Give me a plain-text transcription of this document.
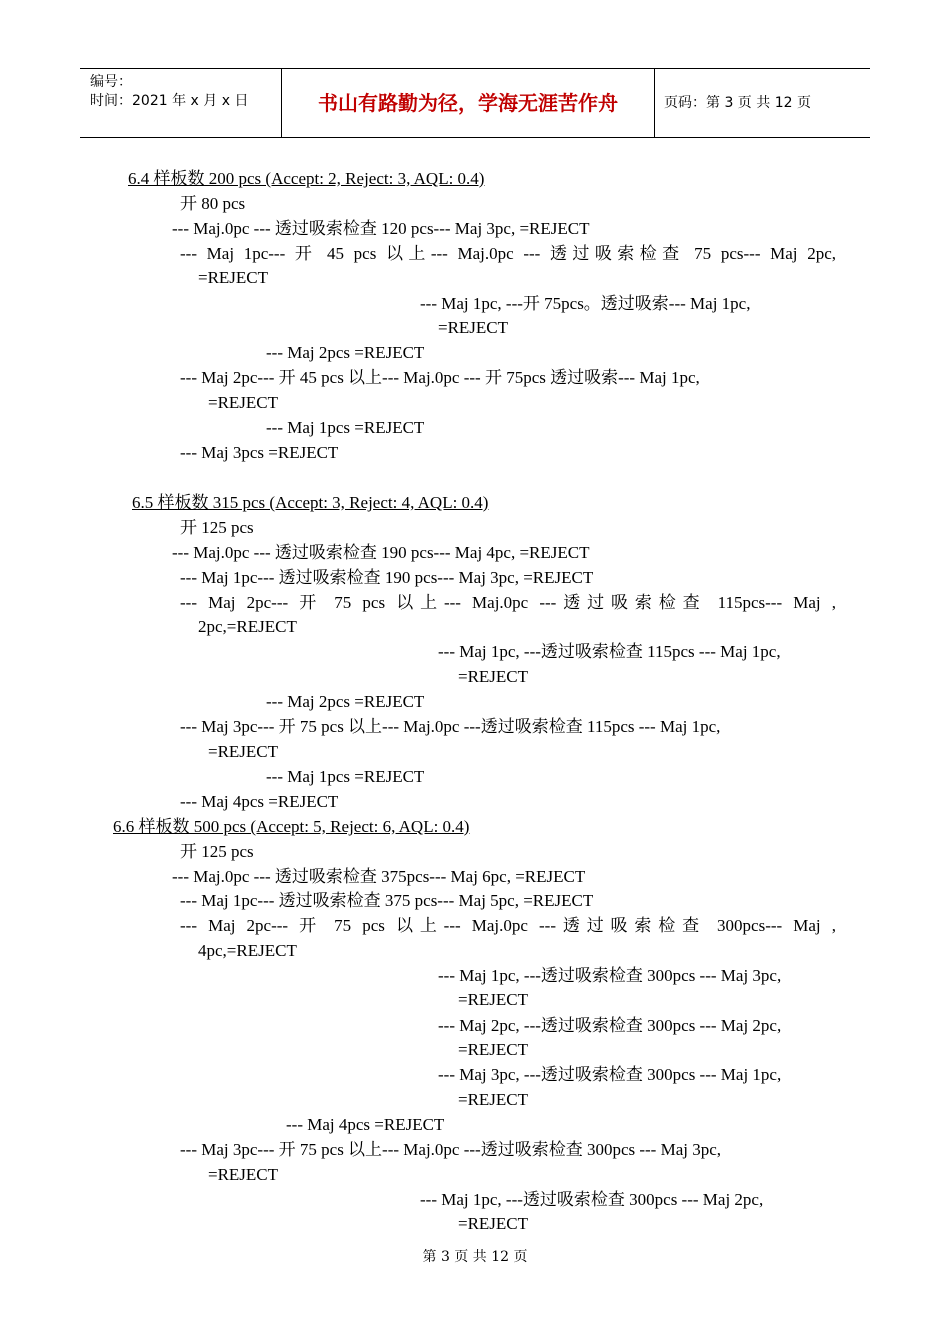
编号：
时间：2021 年 x 月 x 日	书山有路勤为径，学海无涯苦作舟	页码：第 3 页 共 12 页
6.4 样板数 200 pcs (Accept: 2, Reject: 3, AQL: 0.4)
开 80 pcs
--- Maj.0pc --- 透过吸索检查 120 pcs--- Maj 3pc, =REJECT
--- Maj 1pc--- 开 45 pcs 以上--- Maj.0pc --- 透过吸索检查 75 pcs--- Maj 2pc,
=REJECT
--- Maj 1pc, ---开 75pcs。透过吸索--- Maj 1pc,
=REJECT
--- Maj 2pcs =REJECT
--- Maj 2pc--- 开 45 pcs 以上--- Maj.0pc --- 开 75pcs 透过吸索--- Maj 1pc,
=REJECT
--- Maj 1pcs =REJECT
--- Maj 3pcs =REJECT
6.5 样板数 315 pcs (Accept: 3, Reject: 4, AQL: 0.4)
开 125 pcs
--- Maj.0pc --- 透过吸索检查 190 pcs--- Maj 4pc, =REJECT
--- Maj 1pc--- 透过吸索检查 190 pcs--- Maj 3pc, =REJECT
--- Maj 2pc--- 开 75 pcs 以上--- Maj.0pc ---透过吸索检查 115pcs--- Maj ,
2pc,=REJECT
--- Maj 1pc, ---透过吸索检查 115pcs --- Maj 1pc,
=REJECT
--- Maj 2pcs =REJECT
--- Maj 3pc--- 开 75 pcs 以上--- Maj.0pc ---透过吸索检查 115pcs --- Maj 1pc,
=REJECT
--- Maj 1pcs =REJECT
--- Maj 4pcs =REJECT
6.6 样板数 500 pcs (Accept: 5, Reject: 6, AQL: 0.4)
开 125 pcs
--- Maj.0pc --- 透过吸索检查 375pcs--- Maj 6pc, =REJECT
--- Maj 1pc--- 透过吸索检查 375 pcs--- Maj 5pc, =REJECT
--- Maj 2pc--- 开 75 pcs 以上--- Maj.0pc ---透过吸索检查 300pcs--- Maj ,
4pc,=REJECT
--- Maj 1pc, ---透过吸索检查 300pcs --- Maj 3pc,
=REJECT
--- Maj 2pc, ---透过吸索检查 300pcs --- Maj 2pc,
=REJECT
--- Maj 3pc, ---透过吸索检查 300pcs --- Maj 1pc,
=REJECT
--- Maj 4pcs =REJECT
--- Maj 3pc--- 开 75 pcs 以上--- Maj.0pc ---透过吸索检查 300pcs --- Maj 3pc,
=REJECT
--- Maj 1pc, ---透过吸索检查 300pcs --- Maj 2pc,
=REJECT
第 3 页 共 12 页
